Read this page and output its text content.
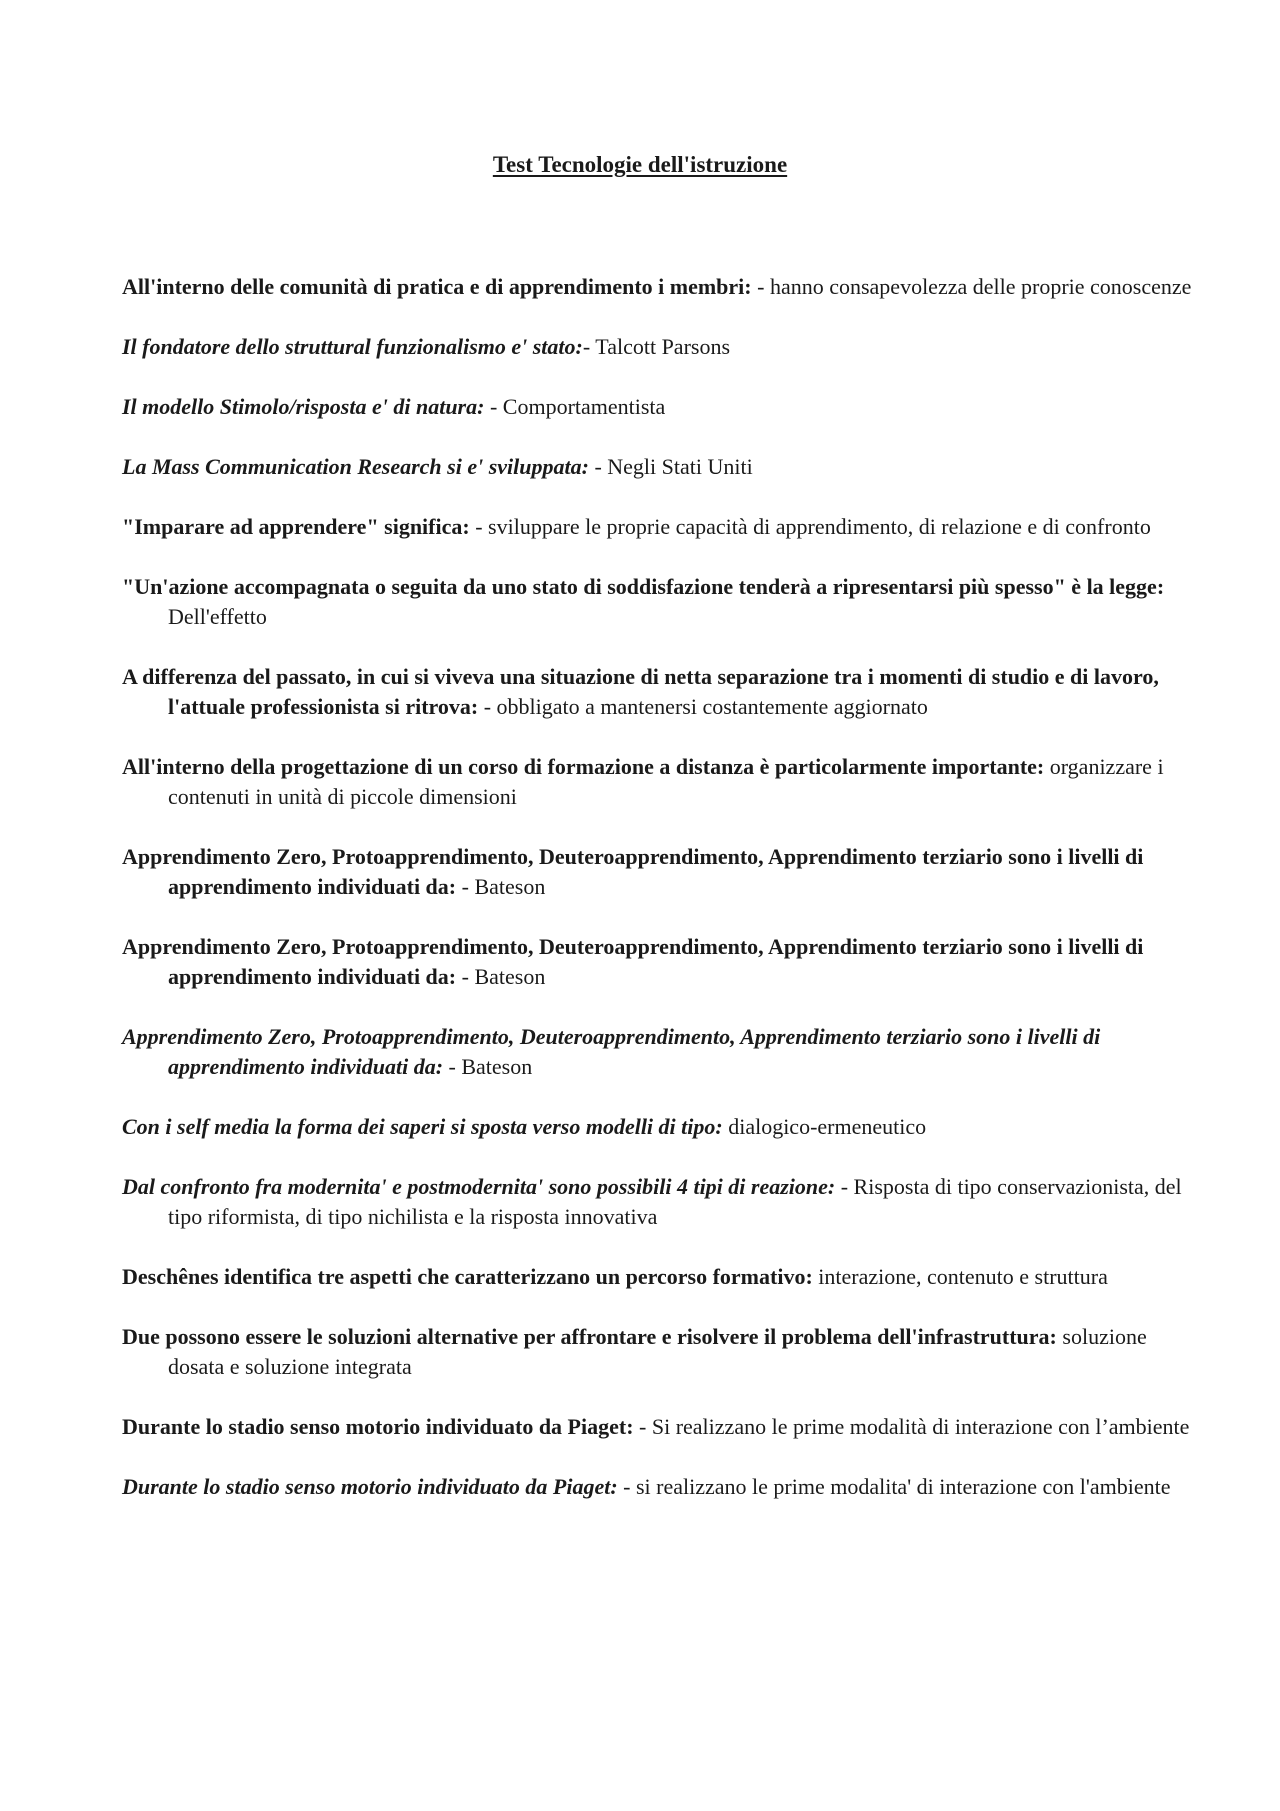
Test Tecnologie dell'istruzione

All'interno delle comunità di pratica e di apprendimento i membri: - hanno consapevolezza delle proprie conoscenze

Il fondatore dello struttural funzionalismo e' stato:- Talcott Parsons

Il modello Stimolo/risposta e' di natura: - Comportamentista

La Mass Communication Research si e' sviluppata: - Negli Stati Uniti

"Imparare ad apprendere" significa: - sviluppare le proprie capacità di apprendimento, di relazione e di confronto

"Un'azione accompagnata o seguita da uno stato di soddisfazione tenderà a ripresentarsi più spesso" è la legge: Dell'effetto

A differenza del passato, in cui si viveva una situazione di netta separazione tra i momenti di studio e di lavoro, l'attuale professionista si ritrova: - obbligato a mantenersi costantemente aggiornato

All'interno della progettazione di un corso di formazione a distanza è particolarmente importante: organizzare i contenuti in unità di piccole dimensioni

Apprendimento Zero, Protoapprendimento, Deuteroapprendimento, Apprendimento terziario sono i livelli di apprendimento individuati da: - Bateson

Apprendimento Zero, Protoapprendimento, Deuteroapprendimento, Apprendimento terziario sono i livelli di apprendimento individuati da: - Bateson

Apprendimento Zero, Protoapprendimento, Deuteroapprendimento, Apprendimento terziario sono i livelli di apprendimento individuati da: - Bateson

Con i self media la forma dei saperi si sposta verso modelli di tipo: dialogico-ermeneutico

Dal confronto fra modernita' e postmodernita' sono possibili 4 tipi di reazione: - Risposta di tipo conservazionista, del tipo riformista, di tipo nichilista e la risposta innovativa

Deschênes identifica tre aspetti che caratterizzano un percorso formativo: interazione, contenuto e struttura

Due possono essere le soluzioni alternative per affrontare e risolvere il problema dell'infrastruttura: soluzione dosata e soluzione integrata

Durante lo stadio senso motorio individuato da Piaget: - Si realizzano le prime modalità di interazione con l’ambiente

Durante lo stadio senso motorio individuato da Piaget: - si realizzano le prime modalita' di interazione con l'ambiente
